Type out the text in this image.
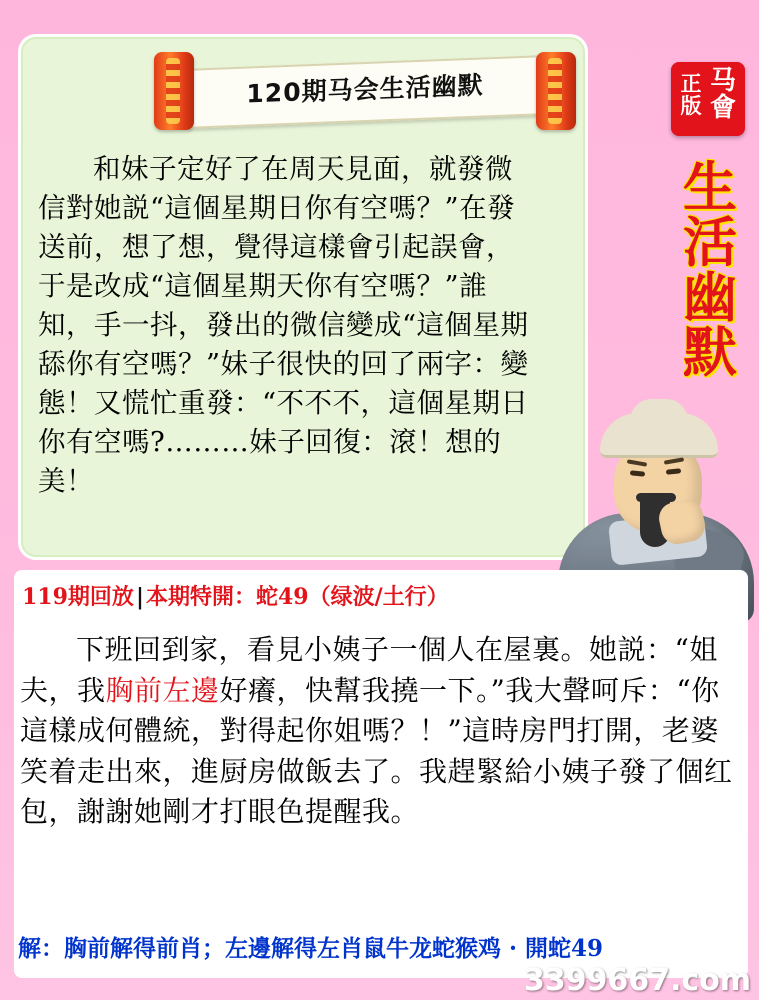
120期马会生活幽默	正版
马會
生
活
幽
默
和妹子定好了在周天見面，就發微信對她説“這個星期日你有空嗎？”在發送前，想了想，覺得這樣會引起誤會，于是改成“這個星期天你有空嗎？”誰知，手一抖，發出的微信變成“這個星期舔你有空嗎？”妹子很快的回了兩字：變態！又慌忙重發：“不不不，這個星期日你有空嗎?………妹子回復：滾！想的美！
119期回放|本期特開：蛇49（绿波/土行）
下班回到家，看見小姨子一個人在屋裏。她説：“姐夫，我胸前左邊好癢，快幫我撓一下。”我大聲呵斥：“你這樣成何體統，對得起你姐嗎？！”這時房門打開，老婆笑着走出來，進厨房做飯去了。我趕緊給小姨子發了個红包，謝謝她剛才打眼色提醒我。
解：胸前解得前肖；左邊解得左肖鼠牛龙蛇猴鸡 · 開蛇49
3399667.com
